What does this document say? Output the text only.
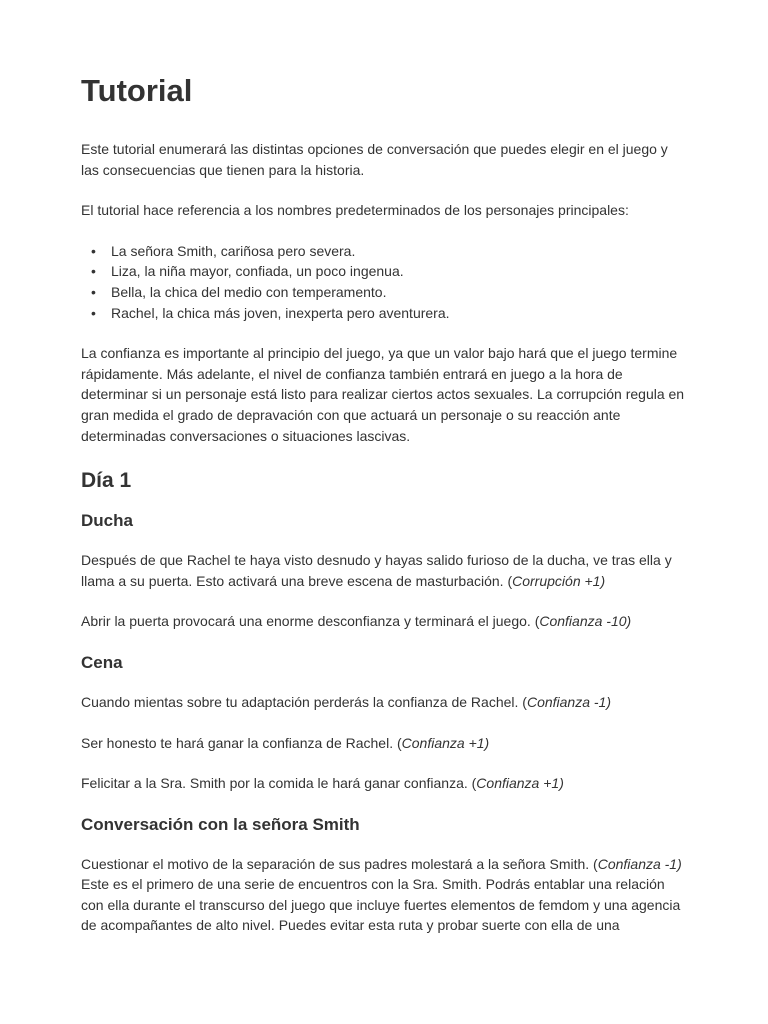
Tutorial

Este tutorial enumerará las distintas opciones de conversación que puedes elegir en el juego y las consecuencias que tienen para la historia.

El tutorial hace referencia a los nombres predeterminados de los personajes principales:

• La señora Smith, cariñosa pero severa.
• Liza, la niña mayor, confiada, un poco ingenua.
• Bella, la chica del medio con temperamento.
• Rachel, la chica más joven, inexperta pero aventurera.

La confianza es importante al principio del juego, ya que un valor bajo hará que el juego termine rápidamente. Más adelante, el nivel de confianza también entrará en juego a la hora de determinar si un personaje está listo para realizar ciertos actos sexuales. La corrupción regula en gran medida el grado de depravación con que actuará un personaje o su reacción ante determinadas conversaciones o situaciones lascivas.

Día 1
Ducha

Después de que Rachel te haya visto desnudo y hayas salido furioso de la ducha, ve tras ella y llama a su puerta. Esto activará una breve escena de masturbación. (Corrupción +1)

Abrir la puerta provocará una enorme desconfianza y terminará el juego. (Confianza -10)

Cena

Cuando mientas sobre tu adaptación perderás la confianza de Rachel. (Confianza -1)

Ser honesto te hará ganar la confianza de Rachel. (Confianza +1)

Felicitar a la Sra. Smith por la comida le hará ganar confianza. (Confianza +1)

Conversación con la señora Smith

Cuestionar el motivo de la separación de sus padres molestará a la señora Smith. (Confianza -1)

Este es el primero de una serie de encuentros con la Sra. Smith. Podrás entablar una relación con ella durante el transcurso del juego que incluye fuertes elementos de femdom y una agencia de acompañantes de alto nivel. Puedes evitar esta ruta y probar suerte con ella de una
